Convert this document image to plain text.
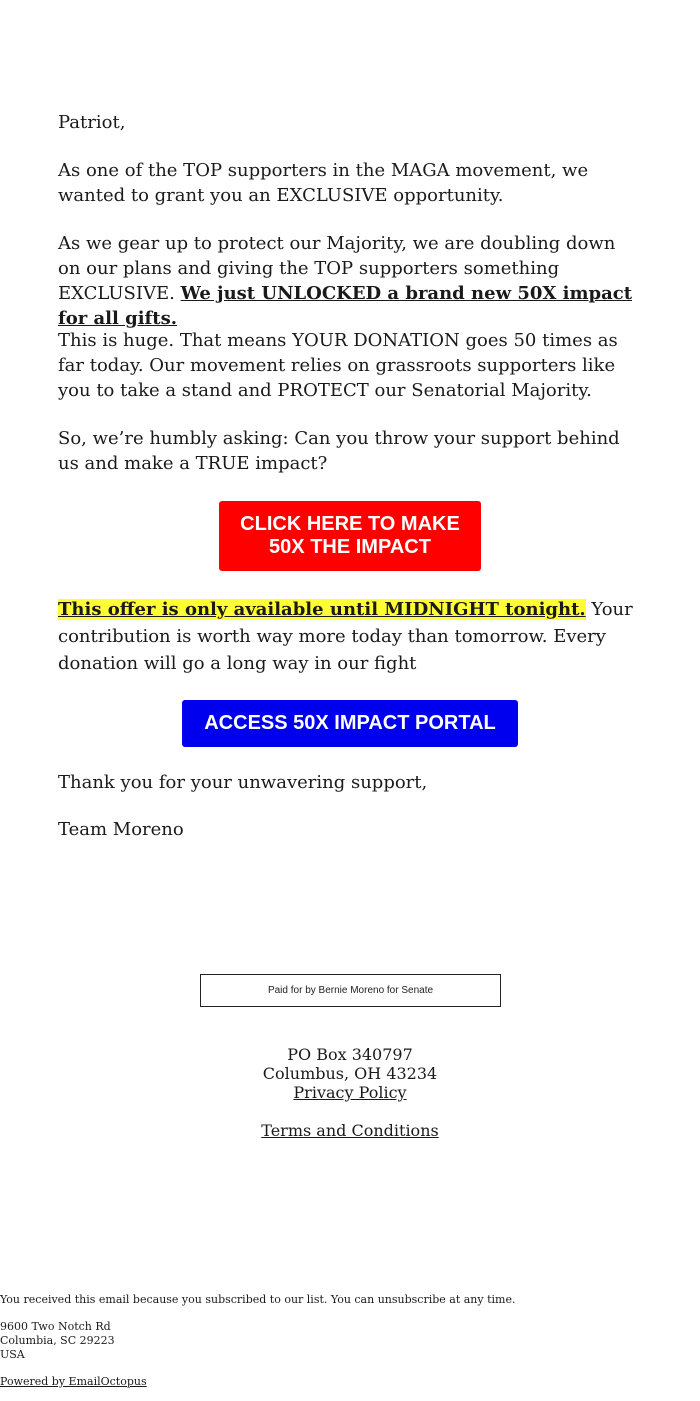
Patriot,
As one of the TOP supporters in the MAGA movement, we wanted to grant you an EXCLUSIVE opportunity.
As we gear up to protect our Majority, we are doubling down on our plans and giving the TOP supporters something EXCLUSIVE. We just UNLOCKED a brand new 50X impact for all gifts.
This is huge. That means YOUR DONATION goes 50 times as far today. Our movement relies on grassroots supporters like you to take a stand and PROTECT our Senatorial Majority.
So, we’re humbly asking: Can you throw your support behind us and make a TRUE impact?
CLICK HERE TO MAKE
50X THE IMPACT
This offer is only available until MIDNIGHT tonight. Your contribution is worth way more today than tomorrow. Every donation will go a long way in our fight
ACCESS 50X IMPACT PORTAL
Thank you for your unwavering support,
Team Moreno
Paid for by Bernie Moreno for Senate
PO Box 340797
Columbus, OH 43234
Privacy Policy
Terms and Conditions
You received this email because you subscribed to our list. You can unsubscribe at any time.
9600 Two Notch Rd
Columbia, SC 29223
USA
Powered by EmailOctopus
